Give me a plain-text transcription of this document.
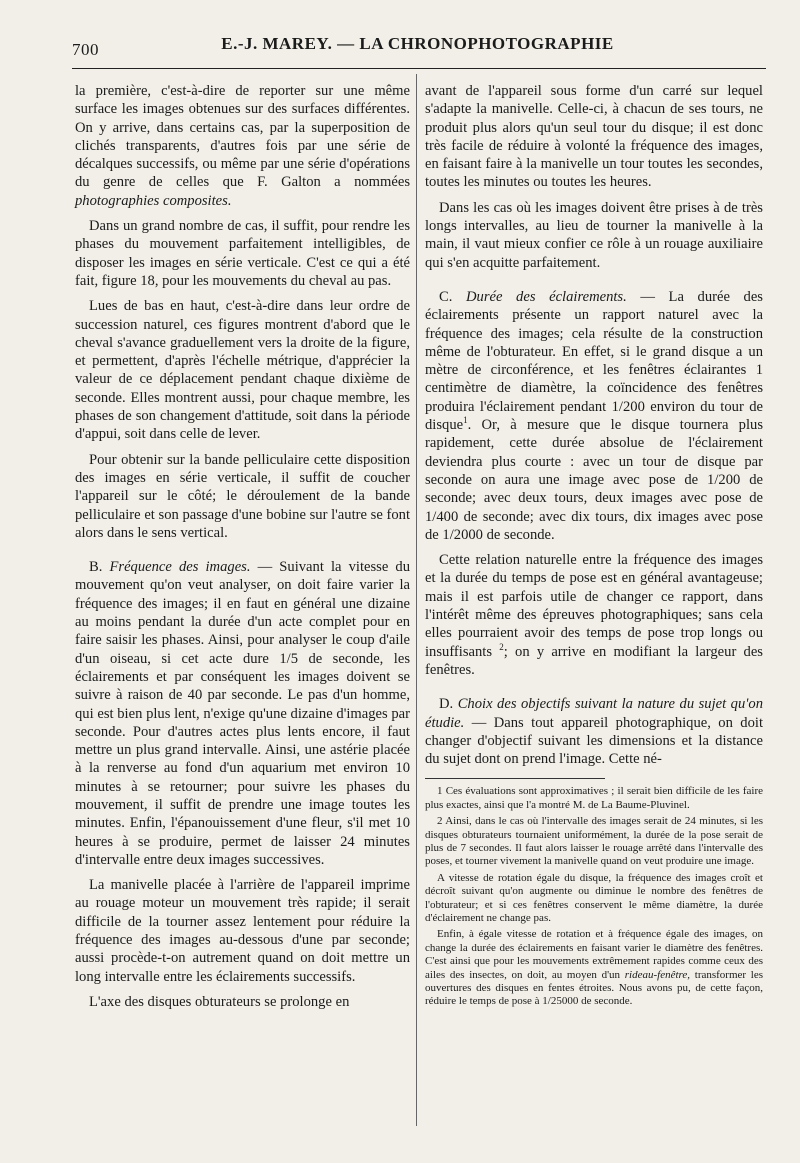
700	E.-J. MAREY. — LA CHRONOPHOTOGRAPHIE

la première, c'est-à-dire de reporter sur une même surface les images obtenues sur des surfaces différentes. On y arrive, dans certains cas, par la superposition de clichés transparents, d'autres fois par une série de décalques successifs, ou même par une série d'opérations du genre de celles que F. Galton a nommées photographies composites.

Dans un grand nombre de cas, il suffit, pour rendre les phases du mouvement parfaitement intelligibles, de disposer les images en série verticale. C'est ce qui a été fait, figure 18, pour les mouvements du cheval au pas.

Lues de bas en haut, c'est-à-dire dans leur ordre de succession naturel, ces figures montrent d'abord que le cheval s'avance graduellement vers la droite de la figure, et permettent, d'après l'échelle métrique, d'apprécier la valeur de ce déplacement pendant chaque dixième de seconde. Elles montrent aussi, pour chaque membre, les phases de son changement d'attitude, soit dans la période d'appui, soit dans celle de lever.

Pour obtenir sur la bande pelliculaire cette disposition des images en série verticale, il suffit de coucher l'appareil sur le côté; le déroulement de la bande pelliculaire et son passage d'une bobine sur l'autre se font alors dans le sens vertical.

B. Fréquence des images. — Suivant la vitesse du mouvement qu'on veut analyser, on doit faire varier la fréquence des images; il en faut en général une dizaine au moins pendant la durée d'un acte complet pour en faire saisir les phases. Ainsi, pour analyser le coup d'aile d'un oiseau, si cet acte dure 1/5 de seconde, les éclairements et par conséquent les images doivent se suivre à raison de 40 par seconde. Le pas d'un homme, qui est bien plus lent, n'exige qu'une dizaine d'images par seconde. Pour d'autres actes plus lents encore, il faut mettre un plus grand intervalle. Ainsi, une astérie placée à la renverse au fond d'un aquarium met environ 10 minutes à se retourner; pour suivre les phases du mouvement, il suffit de prendre une image toutes les minutes. Enfin, l'épanouissement d'une fleur, s'il met 10 heures à se produire, permet de laisser 24 minutes d'intervalle entre deux images successives.

La manivelle placée à l'arrière de l'appareil imprime au rouage moteur un mouvement très rapide; il serait difficile de la tourner assez lentement pour réduire la fréquence des images au-dessous d'une par seconde; aussi procède-t-on autrement quand on doit mettre un long intervalle entre les éclairements successifs.

L'axe des disques obturateurs se prolonge en

avant de l'appareil sous forme d'un carré sur lequel s'adapte la manivelle. Celle-ci, à chacun de ses tours, ne produit plus alors qu'un seul tour du disque; il est donc très facile de réduire à volonté la fréquence des images, en faisant faire à la manivelle un tour toutes les secondes, toutes les minutes ou toutes les heures.

Dans les cas où les images doivent être prises à de très longs intervalles, au lieu de tourner la manivelle à la main, il vaut mieux confier ce rôle à un rouage auxiliaire qui s'en acquitte parfaitement.

C. Durée des éclairements. — La durée des éclairements présente un rapport naturel avec la fréquence des images; cela résulte de la construction même de l'obturateur. En effet, si le grand disque a un mètre de circonférence, et les fenêtres éclairantes 1 centimètre de diamètre, la coïncidence des fenêtres produira l'éclairement pendant 1/200 environ du tour de disque$^1$. Or, à mesure que le disque tournera plus rapidement, cette durée absolue de l'éclairement deviendra plus courte : avec un tour de disque par seconde on aura une image avec pose de 1/200 de seconde; avec deux tours, deux images avec pose de 1/400 de seconde; avec dix tours, dix images avec pose de 1/2000 de seconde.

Cette relation naturelle entre la fréquence des images et la durée du temps de pose est en général avantageuse; mais il est parfois utile de changer ce rapport, dans l'intérêt même des épreuves photographiques; sans cela elles pourraient avoir des temps de pose trop longs ou insuffisants $^2$; on y arrive en modifiant la largeur des fenêtres.

D. Choix des objectifs suivant la nature du sujet qu'on étudie. — Dans tout appareil photographique, on doit changer d'objectif suivant les dimensions et la distance du sujet dont on prend l'image. Cette né-

1 Ces évaluations sont approximatives ; il serait bien difficile de les faire plus exactes, ainsi que l'a montré M. de La Baume-Pluvinel.

2 Ainsi, dans le cas où l'intervalle des images serait de 24 minutes, si les disques obturateurs tournaient uniformément, la durée de la pose serait de plus de 7 secondes. Il faut alors laisser le rouage arrêté dans l'intervalle des poses, et tourner vivement la manivelle quand on veut produire une image.

A vitesse de rotation égale du disque, la fréquence des images croît et décroît suivant qu'on augmente ou diminue le nombre des fenêtres de l'obturateur; et si ces fenêtres conservent le même diamètre, la durée d'éclairement ne change pas.

Enfin, à égale vitesse de rotation et à fréquence égale des images, on change la durée des éclairements en faisant varier le diamètre des fenêtres. C'est ainsi que pour les mouvements extrêmement rapides comme ceux des ailes des insectes, on doit, au moyen d'un rideau-fenêtre, transformer les ouvertures des disques en fentes étroites. Nous avons pu, de cette façon, réduire le temps de pose à 1/25000 de seconde.
